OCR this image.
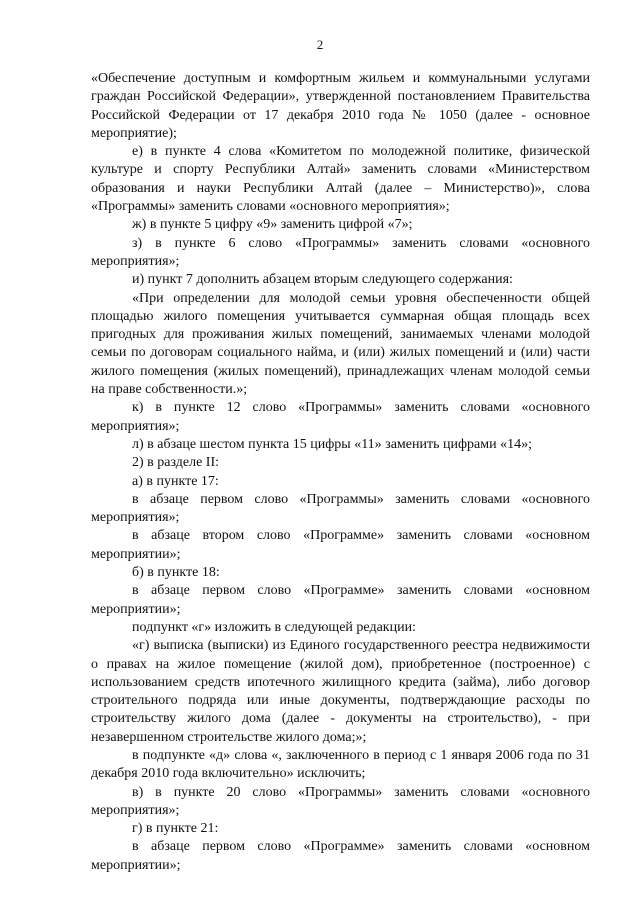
2

«Обеспечение доступным и комфортным жильем и коммунальными услугами граждан Российской Федерации», утвержденной постановлением Правительства Российской Федерации от 17 декабря 2010 года № 1050 (далее - основное мероприятие);

е) в пункте 4 слова «Комитетом по молодежной политике, физической культуре и спорту Республики Алтай» заменить словами «Министерством образования и науки Республики Алтай (далее – Министерство)», слова «Программы» заменить словами «основного мероприятия»;

ж) в пункте 5 цифру «9» заменить цифрой «7»;

з) в пункте 6 слово «Программы» заменить словами «основного мероприятия»;

и) пункт 7 дополнить абзацем вторым следующего содержания:

«При определении для молодой семьи уровня обеспеченности общей площадью жилого помещения учитывается суммарная общая площадь всех пригодных для проживания жилых помещений, занимаемых членами молодой семьи по договорам социального найма, и (или) жилых помещений и (или) части жилого помещения (жилых помещений), принадлежащих членам молодой семьи на праве собственности.»;

к) в пункте 12 слово «Программы» заменить словами «основного мероприятия»;

л) в абзаце шестом пункта 15 цифры «11» заменить цифрами «14»;

2) в разделе II:

а) в пункте 17:

в абзаце первом слово «Программы» заменить словами «основного мероприятия»;

в абзаце втором слово «Программе» заменить словами «основном мероприятии»;

б) в пункте 18:

в абзаце первом слово «Программе» заменить словами «основном мероприятии»;

подпункт «г» изложить в следующей редакции:

«г) выписка (выписки) из Единого государственного реестра недвижимости о правах на жилое помещение (жилой дом), приобретенное (построенное) с использованием средств ипотечного жилищного кредита (займа), либо договор строительного подряда или иные документы, подтверждающие расходы по строительству жилого дома (далее - документы на строительство), - при незавершенном строительстве жилого дома;»;

в подпункте «д» слова «, заключенного в период с 1 января 2006 года по 31 декабря 2010 года включительно» исключить;

в) в пункте 20 слово «Программы» заменить словами «основного мероприятия»;

г) в пункте 21:

в абзаце первом слово «Программе» заменить словами «основном мероприятии»;
